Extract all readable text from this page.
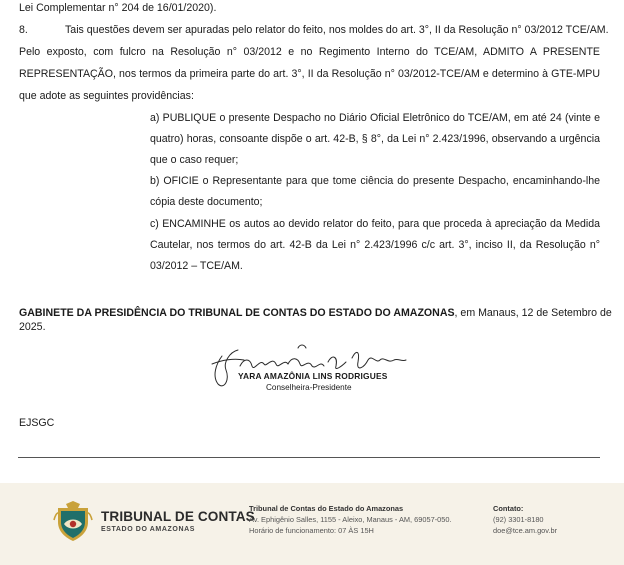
Lei Complementar n° 204 de 16/01/2020).

8.	Tais questões devem ser apuradas pelo relator do feito, nos moldes do art. 3°, II da Resolução n° 03/2012 TCE/AM.

Pelo exposto, com fulcro na Resolução n° 03/2012 e no Regimento Interno do TCE/AM, ADMITO A PRESENTE

REPRESENTAÇÃO, nos termos da primeira parte do art. 3°, II da Resolução n° 03/2012-TCE/AM e determino à GTE-MPU

que adote as seguintes providências:

a) PUBLIQUE o presente Despacho no Diário Oficial Eletrônico do TCE/AM, em até 24 (vinte e

quatro) horas, consoante dispõe o art. 42-B, § 8°, da Lei n° 2.423/1996, observando a urgência

que o caso requer;

b) OFICIE o Representante para que tome ciência do presente Despacho, encaminhando-lhe

cópia deste documento;

c) ENCAMINHE os autos ao devido relator do feito, para que proceda à apreciação da Medida

Cautelar, nos termos do art. 42-B da Lei n° 2.423/1996 c/c art. 3°, inciso II, da Resolução n°

03/2012 – TCE/AM.

GABINETE DA PRESIDÊNCIA DO TRIBUNAL DE CONTAS DO ESTADO DO AMAZONAS, em Manaus, 12 de Setembro de

2025.

YARA AMAZÔNIA LINS RODRIGUES
Conselheira-Presidente

EJSGC

TRIBUNAL DE CONTAS
ESTADO DO AMAZONAS
Tribunal de Contas do Estado do Amazonas
Av. Ephigênio Salles, 1155 - Aleixo, Manaus - AM, 69057-050.
Horário de funcionamento: 07 ÀS 15H
Contato:
(92) 3301-8180
doe@tce.am.gov.br
